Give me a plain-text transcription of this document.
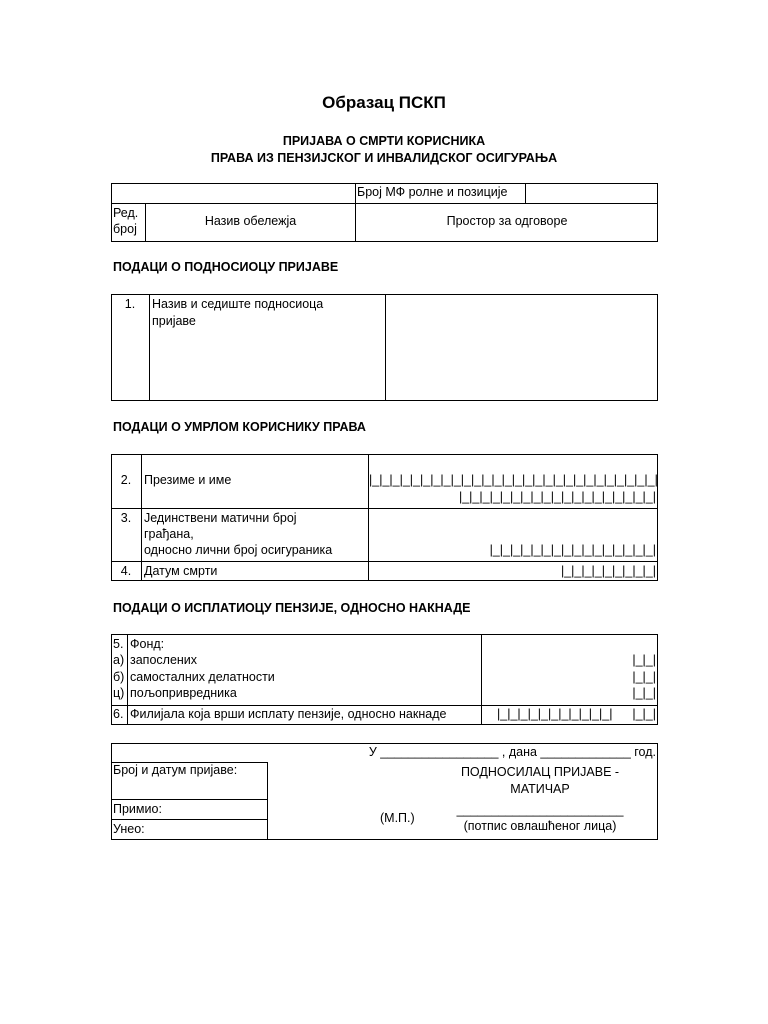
Образац ПСКП
ПРИЈАВА О СМРТИ КОРИСНИКА
ПРАВА ИЗ ПЕНЗИЈСКОГ И ИНВАЛИДСКОГ ОСИГУРАЊА
Број МФ ролне и позиције
Ред.
број
Назив обележја	Простор за одговоре
ПОДАЦИ О ПОДНОСИОЦУ ПРИЈАВЕ
1.	Назив и седиште подносиоца
пријаве
ПОДАЦИ О УМРЛОМ КОРИСНИКУ ПРАВА
2.	Презиме и име	|_|_|_|_|_|_|_|_|_|_|_|_|_|_|_|_|_|_|_|_|_|_|_|_|_|_|_|_|
|_|_|_|_|_|_|_|_|_|_|_|_|_|_|_|_|_|_|_|
3.	Јединствени матични број
грађана,
односно лични број осигураника	|_|_|_|_|_|_|_|_|_|_|_|_|_|_|_|_|
4.	Датум смрти	|_|_|_|_|_|_|_|_|_|
ПОДАЦИ О ИСПЛАТИОЦУ ПЕНЗИЈЕ, ОДНОСНО НАКНАДЕ
5. Фонд:
а) запослених	|_|_|
б) самосталних делатности	|_|_|
ц) пољопривредника	|_|_|
6. Филијала која врши исплату пензије, односно накнаде	|_|_|_|_|_|_|_|_|_|_|_|	|_|_|
У _________________ , дана _____________ год.
Број и датум пријаве:
Примио:
Унео:
ПОДНОСИЛАЦ ПРИЈАВЕ -
МАТИЧАР
(М.П.)
________________________
(потпис овлашћеног лица)
